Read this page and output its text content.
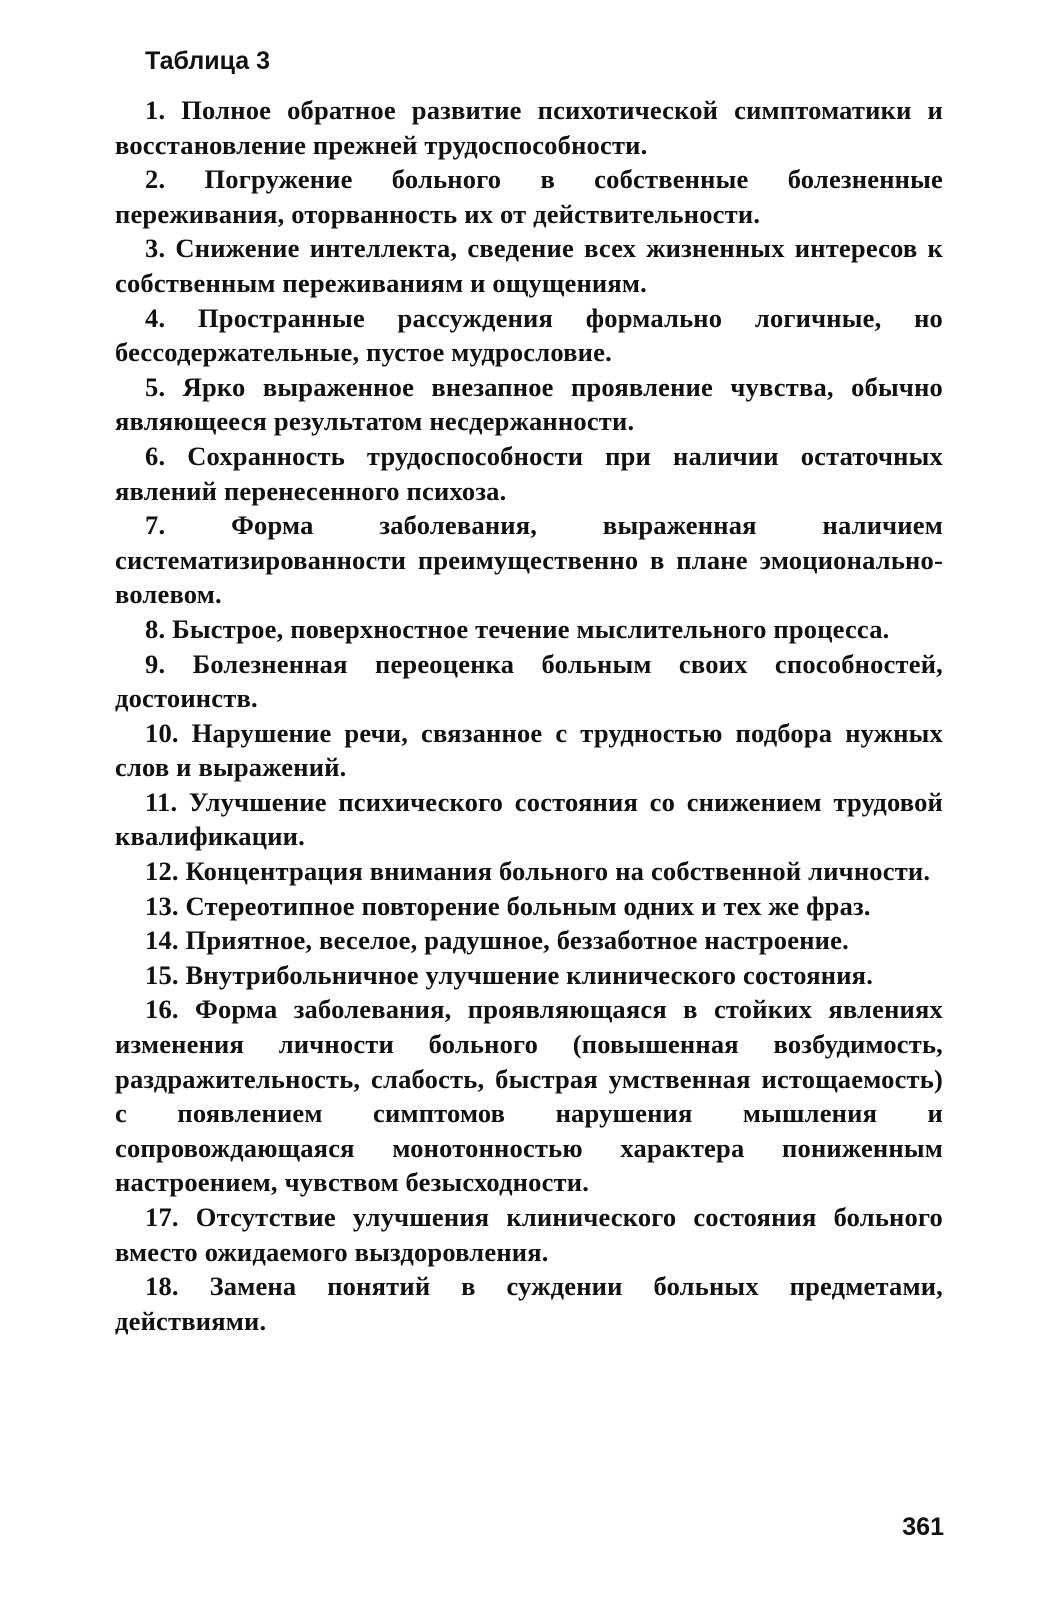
Таблица 3

1. Полное обратное развитие психотической симптоматики и восстановление прежней трудоспособности.

2. Погружение больного в собственные болезненные переживания, оторванность их от действительности.

3. Снижение интеллекта, сведение всех жизненных интересов к собственным переживаниям и ощущениям.

4. Пространные рассуждения формально логичные, но бессодержательные, пустое мудрословие.

5. Ярко выраженное внезапное проявление чувства, обычно являющееся результатом несдержанности.

6. Сохранность трудоспособности при наличии остаточных явлений перенесенного психоза.

7. Форма заболевания, выраженная наличием систематизированности преимущественно в плане эмоционально-волевом.

8. Быстрое, поверхностное течение мыслительного процесса.

9. Болезненная переоценка больным своих способностей, достоинств.

10. Нарушение речи, связанное с трудностью подбора нужных слов и выражений.

11. Улучшение психического состояния со снижением трудовой квалификации.

12. Концентрация внимания больного на собственной личности.

13. Стереотипное повторение больным одних и тех же фраз.

14. Приятное, веселое, радушное, беззаботное настроение.

15. Внутрибольничное улучшение клинического состояния.

16. Форма заболевания, проявляющаяся в стойких явлениях изменения личности больного (повышенная возбудимость, раздражительность, слабость, быстрая умственная истощаемость) с появлением симптомов нарушения мышления и сопровождающаяся монотонностью характера пониженным настроением, чувством безысходности.

17. Отсутствие улучшения клинического состояния больного вместо ожидаемого выздоровления.

18. Замена понятий в суждении больных предметами, действиями.

361
